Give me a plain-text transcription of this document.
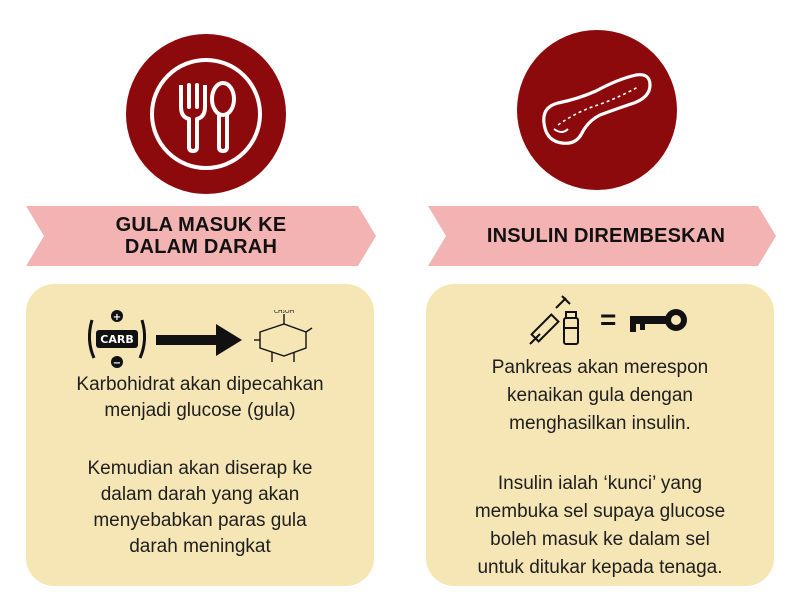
GULA MASUK KE
DALAM DARAH
+
−
CARB
CH₂OH
Karbohidrat akan dipecahkan
menjadi glucose (gula)
Kemudian akan diserap ke
dalam darah yang akan
menyebabkan paras gula
darah meningkat
INSULIN DIREMBESKAN
=
Pankreas akan merespon
kenaikan gula dengan
menghasilkan insulin.
Insulin ialah ‘kunci’ yang
membuka sel supaya glucose
boleh masuk ke dalam sel
untuk ditukar kepada tenaga.
